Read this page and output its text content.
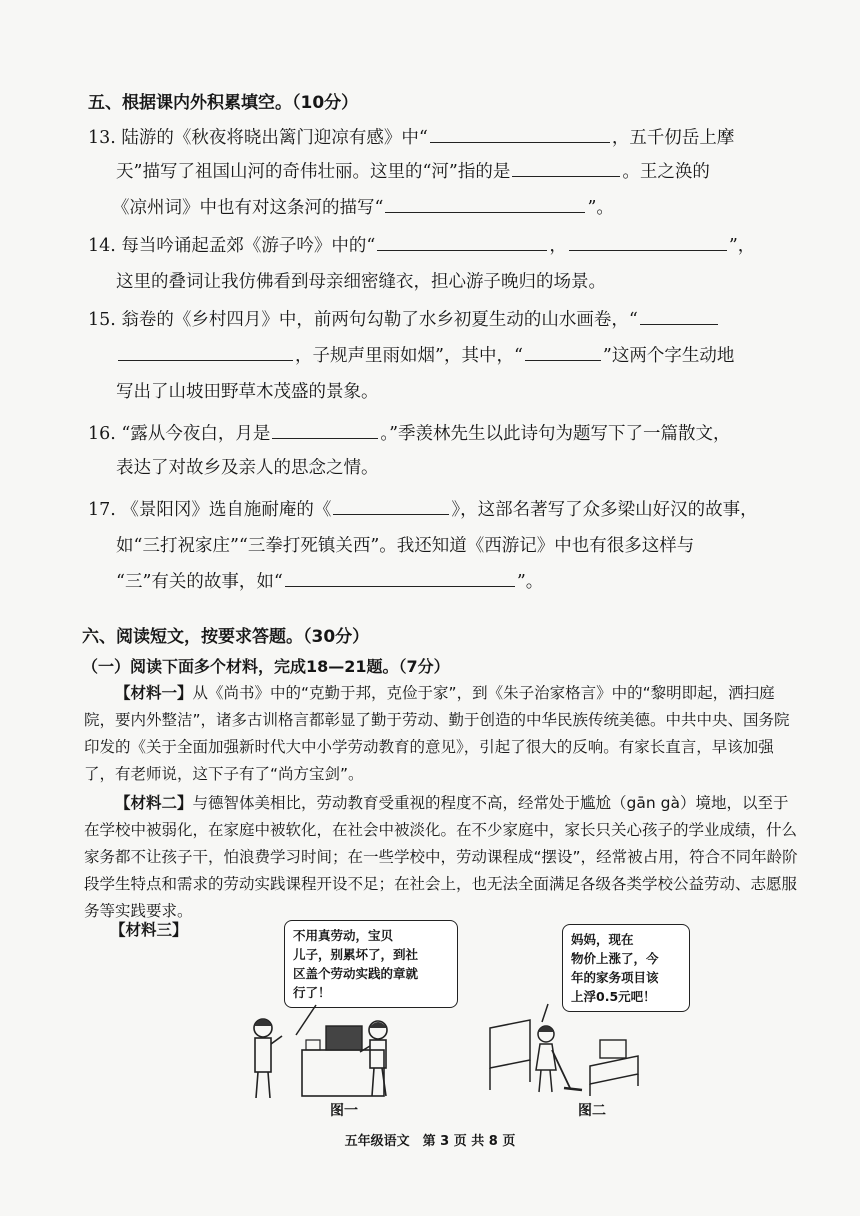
五、根据课内外积累填空。（10分）
13. 陆游的《秋夜将晓出篱门迎凉有感》中“	，五千仞岳上摩
天”描写了祖国山河的奇伟壮丽。这里的“河”指的是	。王之涣的
《凉州词》中也有对这条河的描写“	”。
14. 每当吟诵起孟郊《游子吟》中的“	，	”，
这里的叠词让我仿佛看到母亲细密缝衣，担心游子晚归的场景。
15. 翁卷的《乡村四月》中，前两句勾勒了水乡初夏生动的山水画卷，“
，子规声里雨如烟”，其中，“	”这两个字生动地
写出了山坡田野草木茂盛的景象。
16. “露从今夜白，月是	。”季羡林先生以此诗句为题写下了一篇散文，
表达了对故乡及亲人的思念之情。
17. 《景阳冈》选自施耐庵的《	》，这部名著写了众多梁山好汉的故事，
如“三打祝家庄”“三拳打死镇关西”。我还知道《西游记》中也有很多这样与
“三”有关的故事，如“	”。
六、阅读短文，按要求答题。（30分）
（一）阅读下面多个材料，完成18—21题。（7分）

【材料一】从《尚书》中的“克勤于邦，克俭于家”，到《朱子治家格言》中的“黎明即起，洒扫庭院，要内外整洁”，诸多古训格言都彰显了勤于劳动、勤于创造的中华民族传统美德。中共中央、国务院印发的《关于全面加强新时代大中小学劳动教育的意见》，引起了很大的反响。有家长直言，早该加强了，有老师说，这下子有了“尚方宝剑”。

【材料二】与德智体美相比，劳动教育受重视的程度不高，经常处于尴尬（gān gà）境地，以至于在学校中被弱化，在家庭中被软化，在社会中被淡化。在不少家庭中，家长只关心孩子的学业成绩，什么家务都不让孩子干，怕浪费学习时间；在一些学校中，劳动课程成“摆设”，经常被占用，符合不同年龄阶段学生特点和需求的劳动实践课程开设不足；在社会上，也无法全面满足各级各类学校公益劳动、志愿服务等实践要求。

【材料三】	不用真劳动，宝贝
儿子，别累坏了，到社
区盖个劳动实践的章就
行了！
图一
妈妈，现在
物价上涨了，今
年的家务项目该
上浮0.5元吧！
图二
五年级语文　第 3 页 共 8 页
